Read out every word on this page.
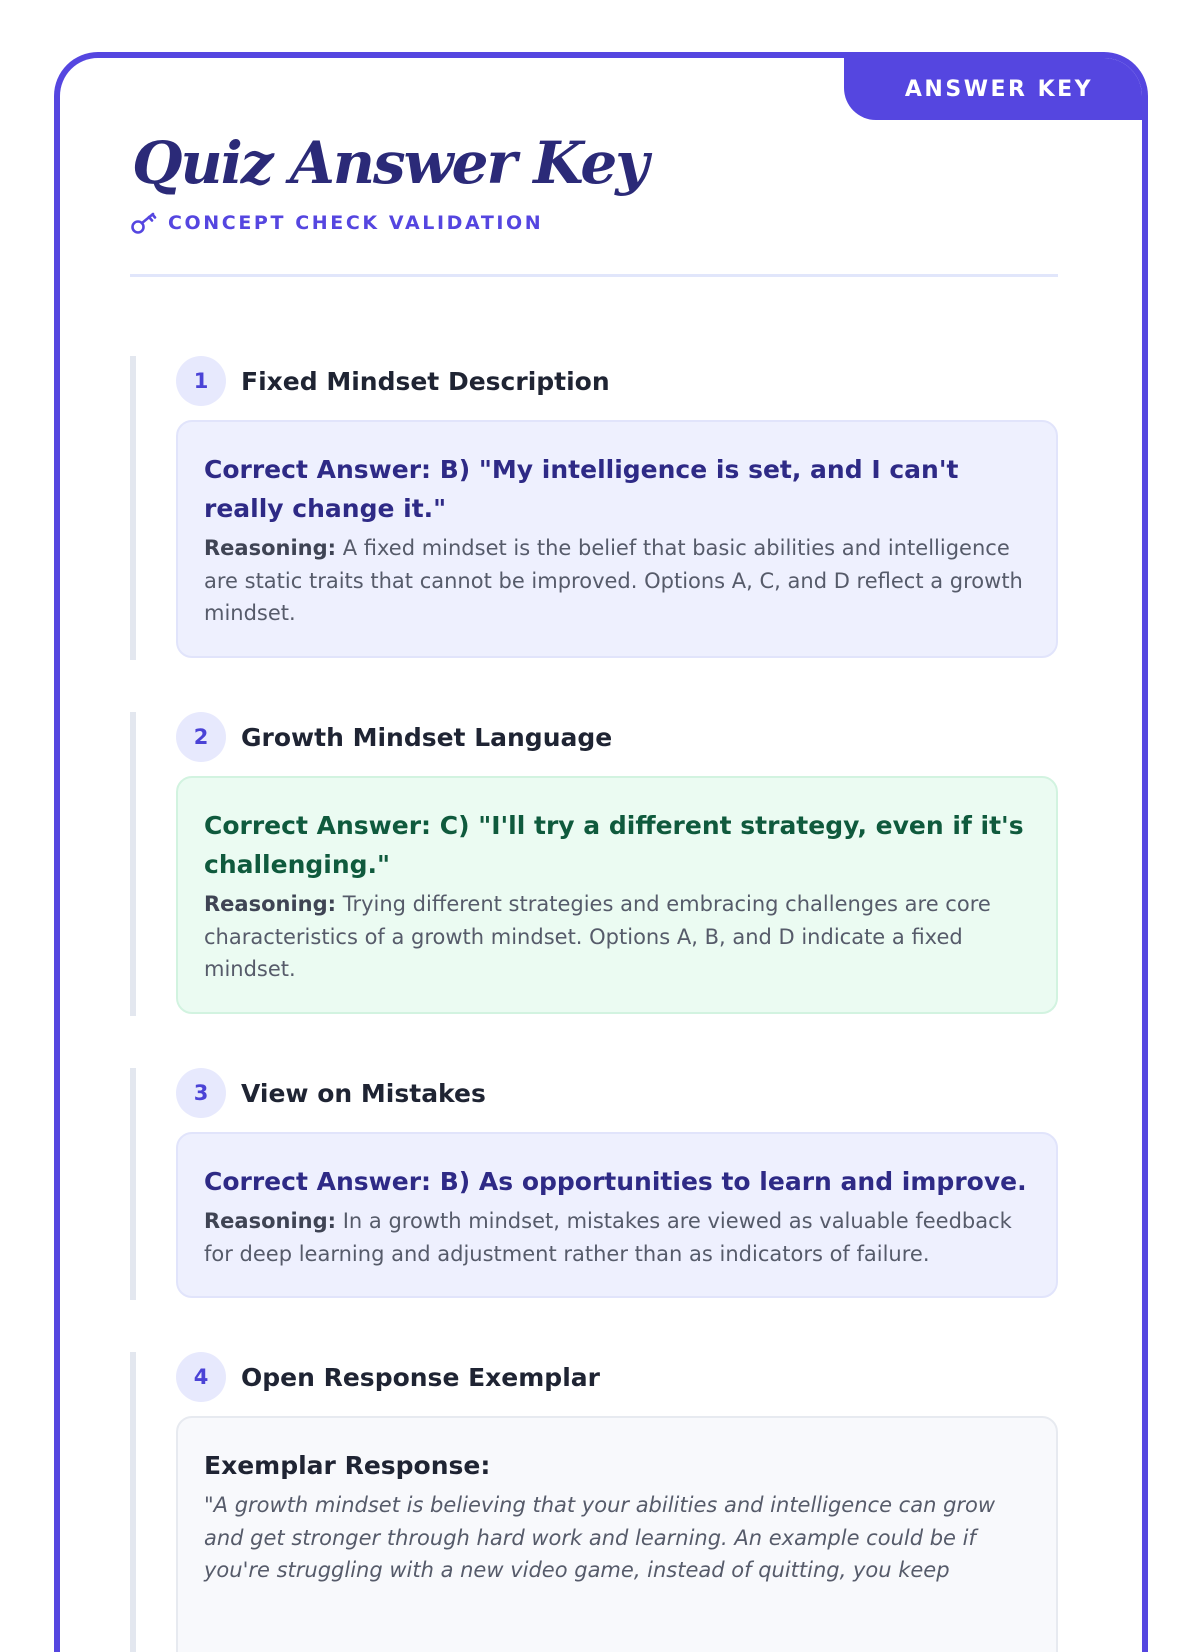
ANSWER KEY
Quiz Answer Key
CONCEPT CHECK VALIDATION
1	Fixed Mindset Description
Correct Answer: B) "My intelligence is set, and I can't really change it."
Reasoning: A fixed mindset is the belief that basic abilities and intelligence are static traits that cannot be improved. Options A, C, and D reflect a growth mindset.
2	Growth Mindset Language
Correct Answer: C) "I'll try a different strategy, even if it's challenging."
Reasoning: Trying different strategies and embracing challenges are core characteristics of a growth mindset. Options A, B, and D indicate a fixed mindset.
3	View on Mistakes
Correct Answer: B) As opportunities to learn and improve.
Reasoning: In a growth mindset, mistakes are viewed as valuable feedback for deep learning and adjustment rather than as indicators of failure.
4	Open Response Exemplar
Exemplar Response:
"A growth mindset is believing that your abilities and intelligence can grow and get stronger through hard work and learning. An example could be if you're struggling with a new video game, instead of quitting, you keep
